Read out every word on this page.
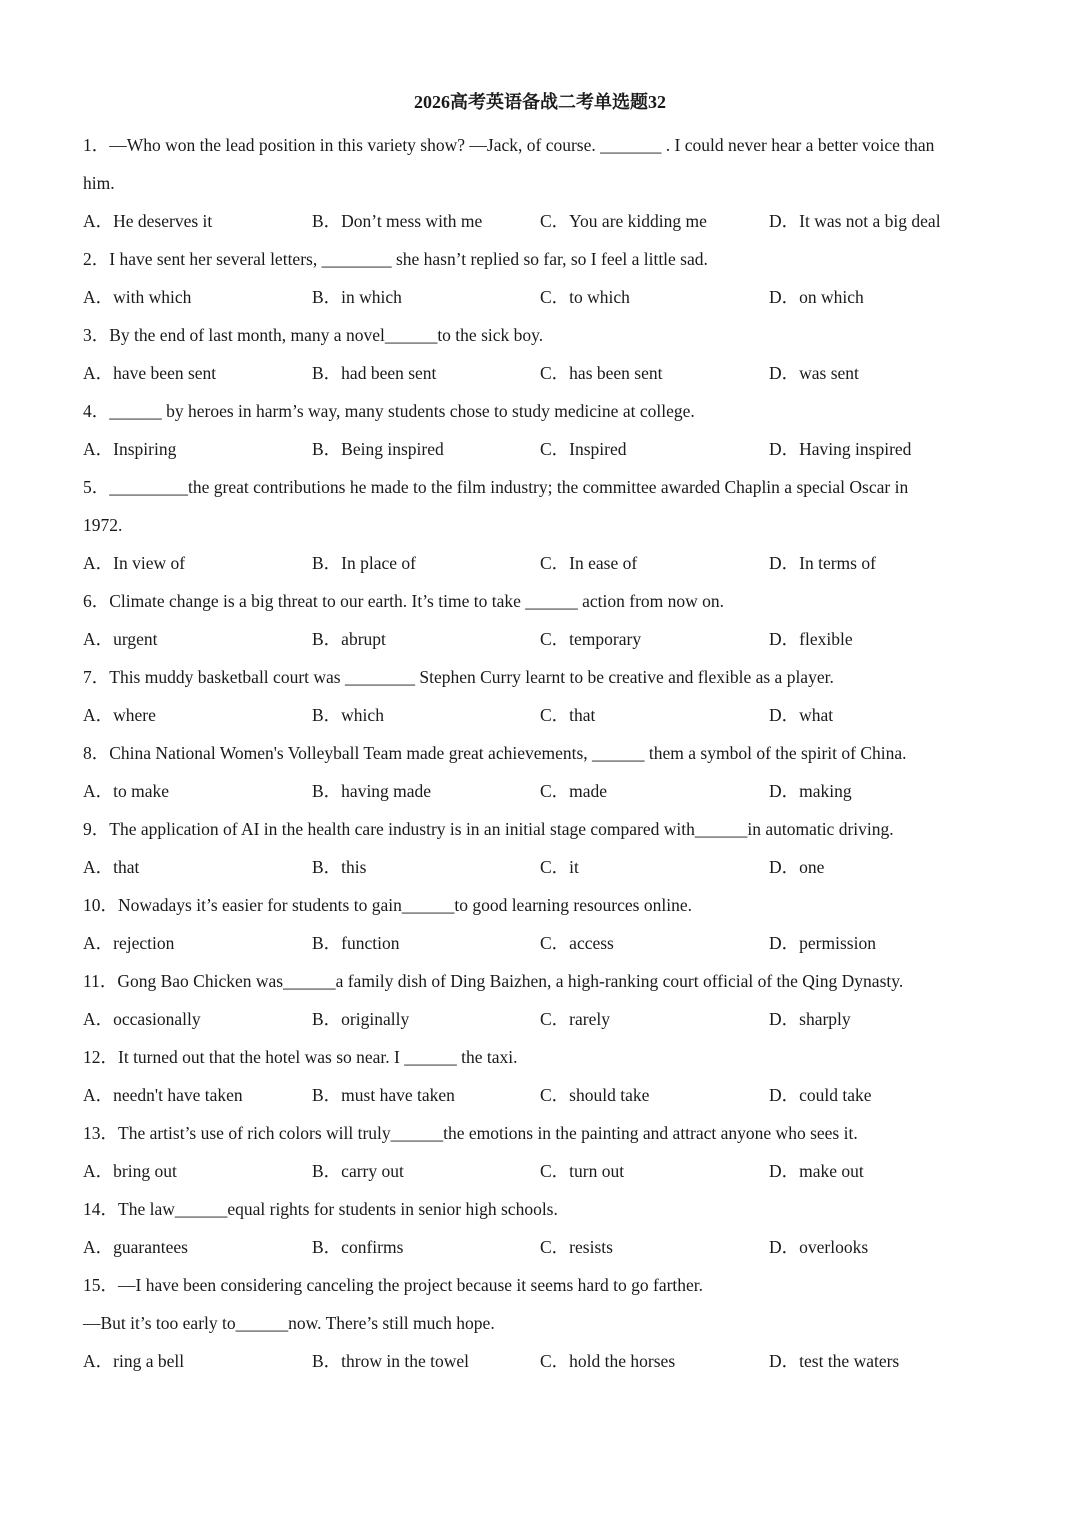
2026高考英语备战二考单选题32
1．—Who won the lead position in this variety show? —Jack, of course. _______ . I could never hear a better voice than
him.
A．He deserves it	B．Don’t mess with me	C．You are kidding me	D．It was not a big deal
2．I have sent her several letters, ________ she hasn’t replied so far, so I feel a little sad.
A．with which	B．in which	C．to which	D．on which
3．By the end of last month, many a novel______to the sick boy.
A．have been sent	B．had been sent	C．has been sent	D．was sent
4．______ by heroes in harm’s way, many students chose to study medicine at college.
A．Inspiring	B．Being inspired	C．Inspired	D．Having inspired
5．_________the great contributions he made to the film industry; the committee awarded Chaplin a special Oscar in
1972.
A．In view of	B．In place of	C．In ease of	D．In terms of
6．Climate change is a big threat to our earth. It’s time to take ______ action from now on.
A．urgent	B．abrupt	C．temporary	D．flexible
7．This muddy basketball court was ________ Stephen Curry learnt to be creative and flexible as a player.
A．where	B．which	C．that	D．what
8．China National Women's Volleyball Team made great achievements, ______ them a symbol of the spirit of China.
A．to make	B．having made	C．made	D．making
9．The application of AI in the health care industry is in an initial stage compared with______in automatic driving.
A．that	B．this	C．it	D．one
10．Nowadays it’s easier for students to gain______to good learning resources online.
A．rejection	B．function	C．access	D．permission
11．Gong Bao Chicken was______a family dish of Ding Baizhen, a high-ranking court official of the Qing Dynasty.
A．occasionally	B．originally	C．rarely	D．sharply
12．It turned out that the hotel was so near. I ______ the taxi.
A．needn't have taken	B．must have taken	C．should take	D．could take
13．The artist’s use of rich colors will truly______the emotions in the painting and attract anyone who sees it.
A．bring out	B．carry out	C．turn out	D．make out
14．The law______equal rights for students in senior high schools.
A．guarantees	B．confirms	C．resists	D．overlooks
15．—I have been considering canceling the project because it seems hard to go farther.
—But it’s too early to______now. There’s still much hope.
A．ring a bell	B．throw in the towel	C．hold the horses	D．test the waters
